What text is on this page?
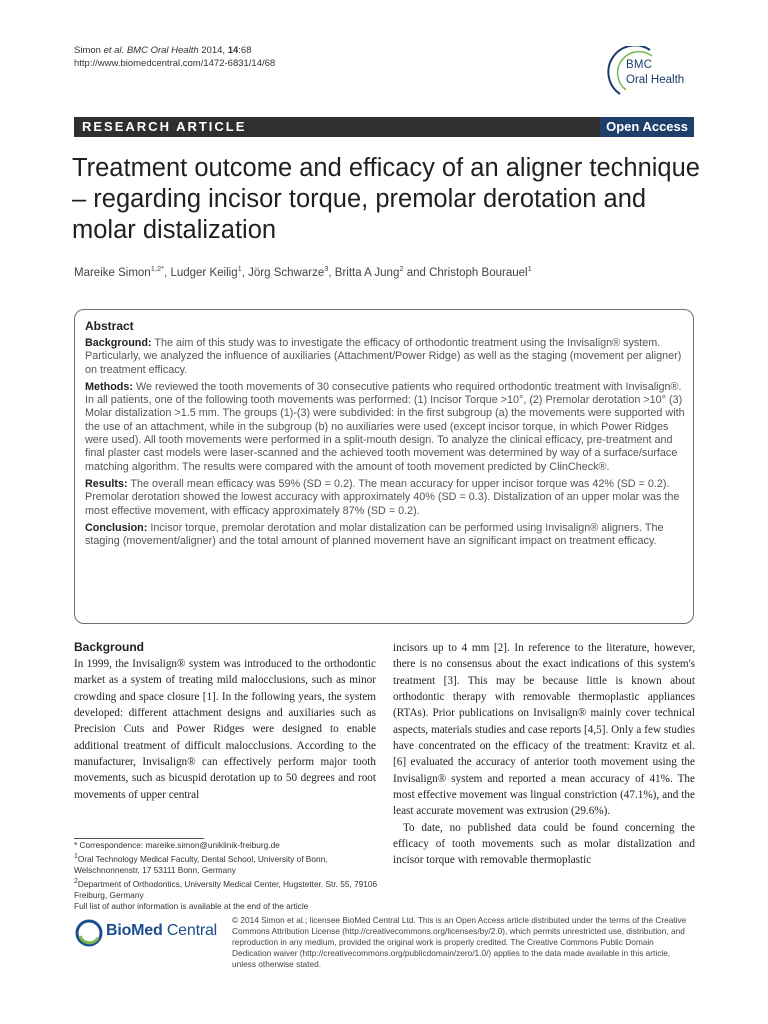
Simon et al. BMC Oral Health 2014, 14:68
http://www.biomedcentral.com/1472-6831/14/68	BMC
Oral Health
RESEARCH ARTICLE	Open Access
Treatment outcome and efficacy of an aligner technique – regarding incisor torque, premolar derotation and molar distalization
Mareike Simon$^{1,2*}$, Ludger Keilig$^1$, Jörg Schwarze$^3$, Britta A Jung$^2$ and Christoph Bourauel$^1$
Abstract

Background: The aim of this study was to investigate the efficacy of orthodontic treatment using the Invisalign® system. Particularly, we analyzed the influence of auxiliaries (Attachment/Power Ridge) as well as the staging (movement per aligner) on treatment efficacy.

Methods: We reviewed the tooth movements of 30 consecutive patients who required orthodontic treatment with Invisalign®. In all patients, one of the following tooth movements was performed: (1) Incisor Torque >10°, (2) Premolar derotation >10° (3) Molar distalization >1.5 mm. The groups (1)-(3) were subdivided: in the first subgroup (a) the movements were supported with the use of an attachment, while in the subgroup (b) no auxiliaries were used (except incisor torque, in which Power Ridges were used). All tooth movements were performed in a split-mouth design. To analyze the clinical efficacy, pre-treatment and final plaster cast models were laser-scanned and the achieved tooth movement was determined by way of a surface/surface matching algorithm. The results were compared with the amount of tooth movement predicted by ClinCheck®.

Results: The overall mean efficacy was 59% (SD = 0.2). The mean accuracy for upper incisor torque was 42% (SD = 0.2). Premolar derotation showed the lowest accuracy with approximately 40% (SD = 0.3). Distalization of an upper molar was the most effective movement, with efficacy approximately 87% (SD = 0.2).

Conclusion: Incisor torque, premolar derotation and molar distalization can be performed using Invisalign® aligners. The staging (movement/aligner) and the total amount of planned movement have an significant impact on treatment efficacy.

Background

In 1999, the Invisalign® system was introduced to the orthodontic market as a system of treating mild malocclusions, such as minor crowding and space closure [1]. In the following years, the system developed: different attachment designs and auxiliaries such as Precision Cuts and Power Ridges were designed to enable additional treatment of difficult malocclusions. According to the manufacturer, Invisalign® can effectively perform major tooth movements, such as bicuspid derotation up to 50 degrees and root movements of upper central

incisors up to 4 mm [2]. In reference to the literature, however, there is no consensus about the exact indications of this system's treatment [3]. This may be because little is known about orthodontic therapy with removable thermoplastic appliances (RTAs). Prior publications on Invisalign® mainly cover technical aspects, materials studies and case reports [4,5]. Only a few studies have concentrated on the efficacy of the treatment: Kravitz et al. [6] evaluated the accuracy of anterior tooth movement using the Invisalign® system and reported a mean accuracy of 41%. The most effective movement was lingual constriction (47.1%), and the least accurate movement was extrusion (29.6%).

To date, no published data could be found concerning the efficacy of tooth movements such as molar distalization and incisor torque with removable thermoplastic

* Correspondence: mareike.simon@uniklinik-freiburg.de

$^1$Oral Technology Medical Faculty, Dental School, University of Bonn, Welschnonnenstr, 17 53111 Bonn, Germany

$^2$Department of Orthodontics, University Medical Center, Hugstetter. Str. 55, 79106 Freiburg, Germany

Full list of author information is available at the end of the article

BioMed Central
© 2014 Simon et al.; licensee BioMed Central Ltd. This is an Open Access article distributed under the terms of the Creative Commons Attribution License (http://creativecommons.org/licenses/by/2.0), which permits unrestricted use, distribution, and reproduction in any medium, provided the original work is properly credited. The Creative Commons Public Domain Dedication waiver (http://creativecommons.org/publicdomain/zero/1.0/) applies to the data made available in this article, unless otherwise stated.
